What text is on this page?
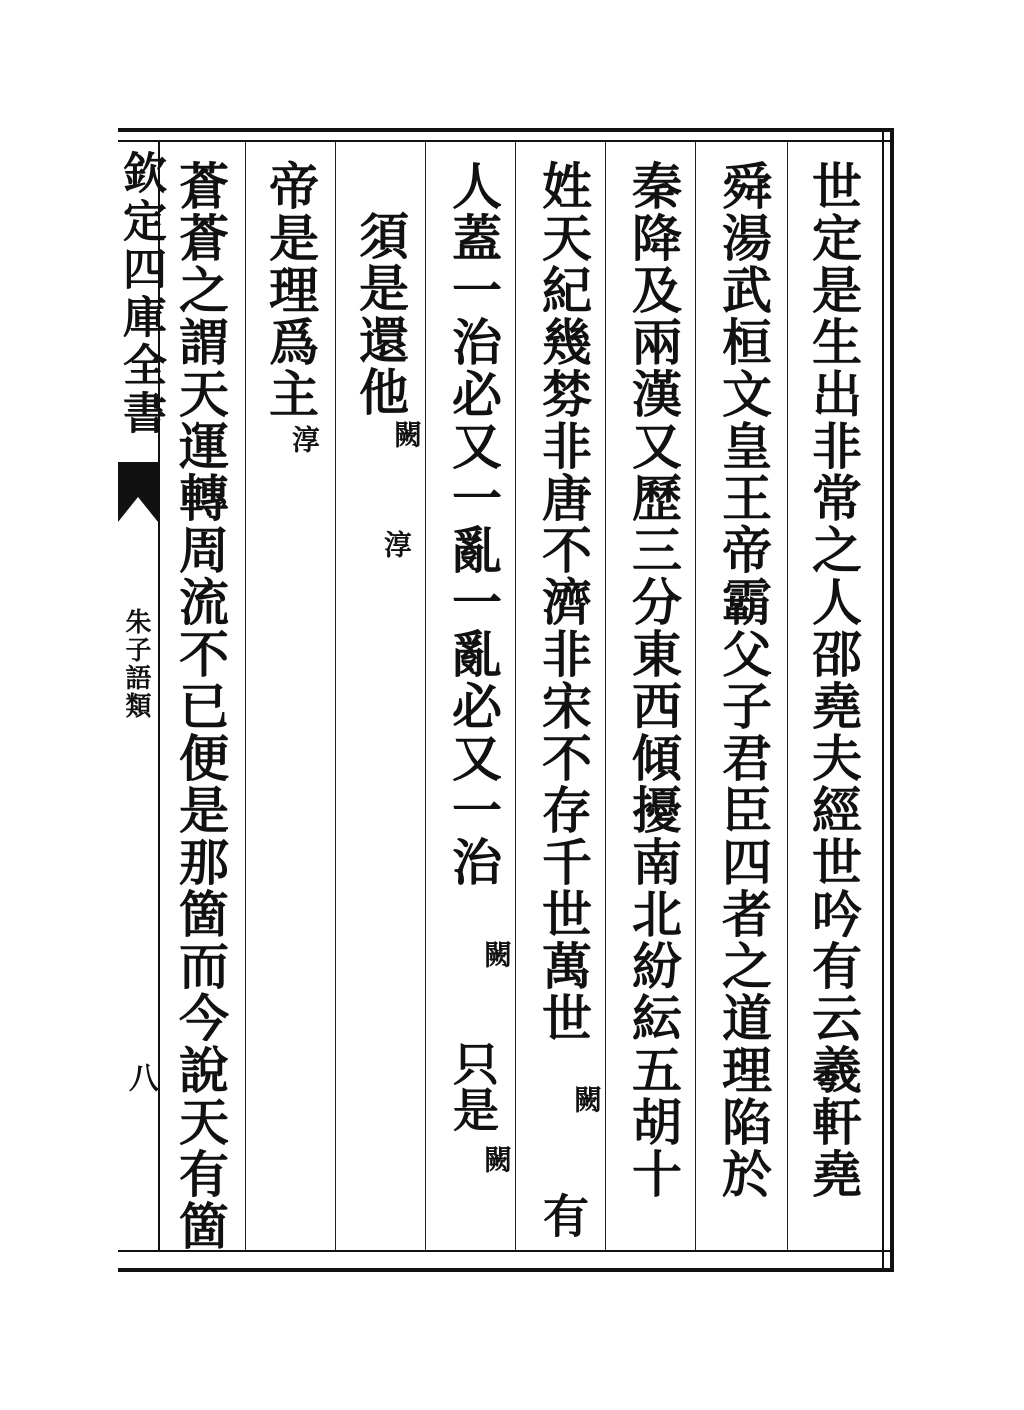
欽定四庫全書
朱子語類
八	世定是生出非常之人邵堯夫經世吟有云羲軒堯
舜湯武桓文皇王帝霸父子君臣四者之道理陷於
秦降及兩漢又歷三分東西傾擾南北紛紜五胡十
姓天紀幾棼非唐不濟非宋不存千世萬世
闕
有
人蓋一治必又一亂一亂必又一治
闕
只是
闕
須是還他
闕
淳
帝是理爲主
淳
蒼蒼之謂天運轉周流不已便是那箇而今說天有箇
